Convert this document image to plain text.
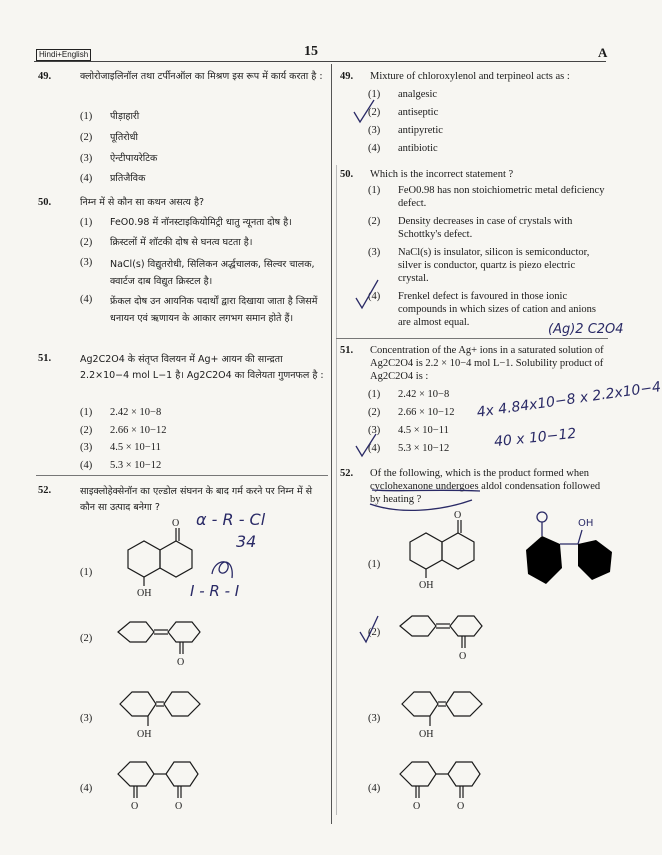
Hindi+English	15	A
49.	क्लोरोजाइलिनॉल तथा टर्पीनऑल का मिश्रण इस रूप में कार्य करता है :
(1) पीड़ाहारी
(2) पूतिरोधी
(3) ऐन्टीपायरेटिक
(4) प्रतिजैविक
50.	निम्न में से कौन सा कथन असत्य है?
(1) FeO0.98 में नॉनस्टाइकियोमिट्री धातु न्यूनता दोष है।
(2) क्रिस्टलों में शॉटकी दोष से घनत्व घटता है।
(3) NaCl(s) विद्युतरोधी, सिलिकन अर्द्धचालक, सिल्वर चालक, क्वार्टज दाब विद्युत क्रिस्टल है।
(4) फ्रेंकल दोष उन आयनिक पदार्थों द्वारा दिखाया जाता है जिसमें धनायन एवं ऋणायन के आकार लगभग समान होते हैं।
51.	Ag2C2O4 के संतृप्त विलयन में Ag+ आयन की सान्द्रता 2.2×10−4 mol L−1 है। Ag2C2O4 का विलेयता गुणनफल है :
(1) 2.42 × 10−8
(2) 2.66 × 10−12
(3) 4.5 × 10−11
(4) 5.3 × 10−12
52.	साइक्लोहेक्सेनॉन का एल्डोल संघनन के बाद गर्म करने पर निम्न में से कौन सा उत्पाद बनेगा ?
(1)
(2)
(3)
(4)
O
OH
O
OH
O	O
α - R - Cl
34
I - R - I
49. Mixture of chloroxylenol and terpineol acts as :
(1) analgesic
(2) antiseptic
(3) antipyretic
(4) antibiotic
50. Which is the incorrect statement ?
(1) FeO0.98 has non stoichiometric metal deficiency defect.
(2) Density decreases in case of crystals with Schottky's defect.
(3) NaCl(s) is insulator, silicon is semiconductor, silver is conductor, quartz is piezo electric crystal.
(4) Frenkel defect is favoured in those ionic compounds in which sizes of cation and anions are almost equal.
51. Concentration of the Ag+ ions in a saturated solution of Ag2C2O4 is 2.2 × 10−4 mol L−1. Solubility product of Ag2C2O4 is :
(1) 2.42 × 10−8
(2) 2.66 × 10−12
(3) 4.5 × 10−11
(4) 5.3 × 10−12
52. Of the following, which is the product formed when cyclohexanone undergoes aldol condensation followed by heating ?
(1)
(2)
(3)
(4)
O
OH
O
OH
O	O
(Ag)2 C2O4
4x 4.84x10−8 x 2.2x10−4
40 x 10−12
OH
